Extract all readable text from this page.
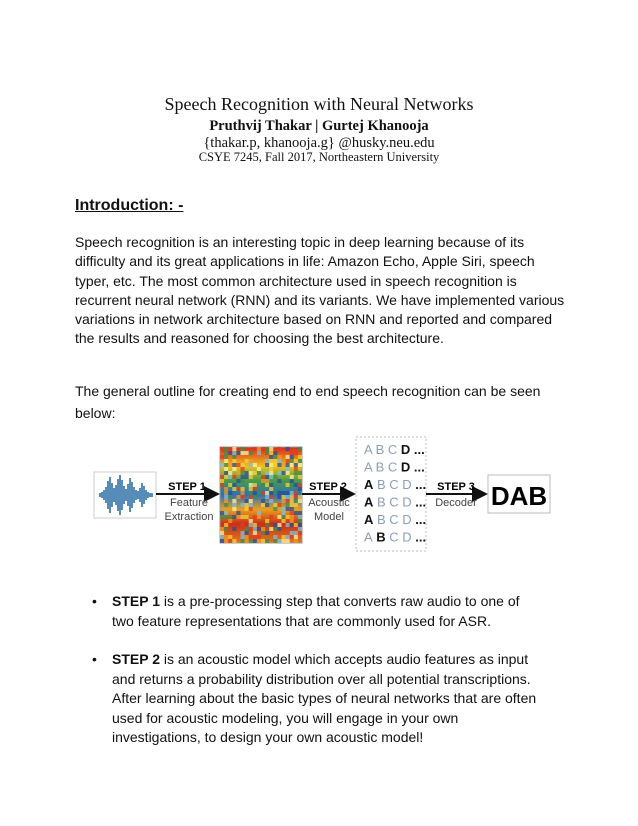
Speech Recognition with Neural Networks
Pruthvij Thakar | Gurtej Khanooja
{thakar.p, khanooja.g} @husky.neu.edu
CSYE 7245, Fall 2017, Northeastern University
Introduction: -

Speech recognition is an interesting topic in deep learning because of its difficulty and its great applications in life: Amazon Echo, Apple Siri, speech typer, etc. The most common architecture used in speech recognition is recurrent neural network (RNN) and its variants. We have implemented various variations in network architecture based on RNN and reported and compared the results and reasoned for choosing the best architecture.

The general outline for creating end to end speech recognition can be seen below:

STEP 1
Feature
Extraction
STEP 2
Acoustic
Model
A B C D ...
A B C D ...
A B C D ...
A B C D ...
A B C D ...
A B C D ...
STEP 3
Decoder DAB
• STEP 1 is a pre-processing step that converts raw audio to one of two feature representations that are commonly used for ASR.
• STEP 2 is an acoustic model which accepts audio features as input and returns a probability distribution over all potential transcriptions. After learning about the basic types of neural networks that are often used for acoustic modeling, you will engage in your own investigations, to design your own acoustic model!
